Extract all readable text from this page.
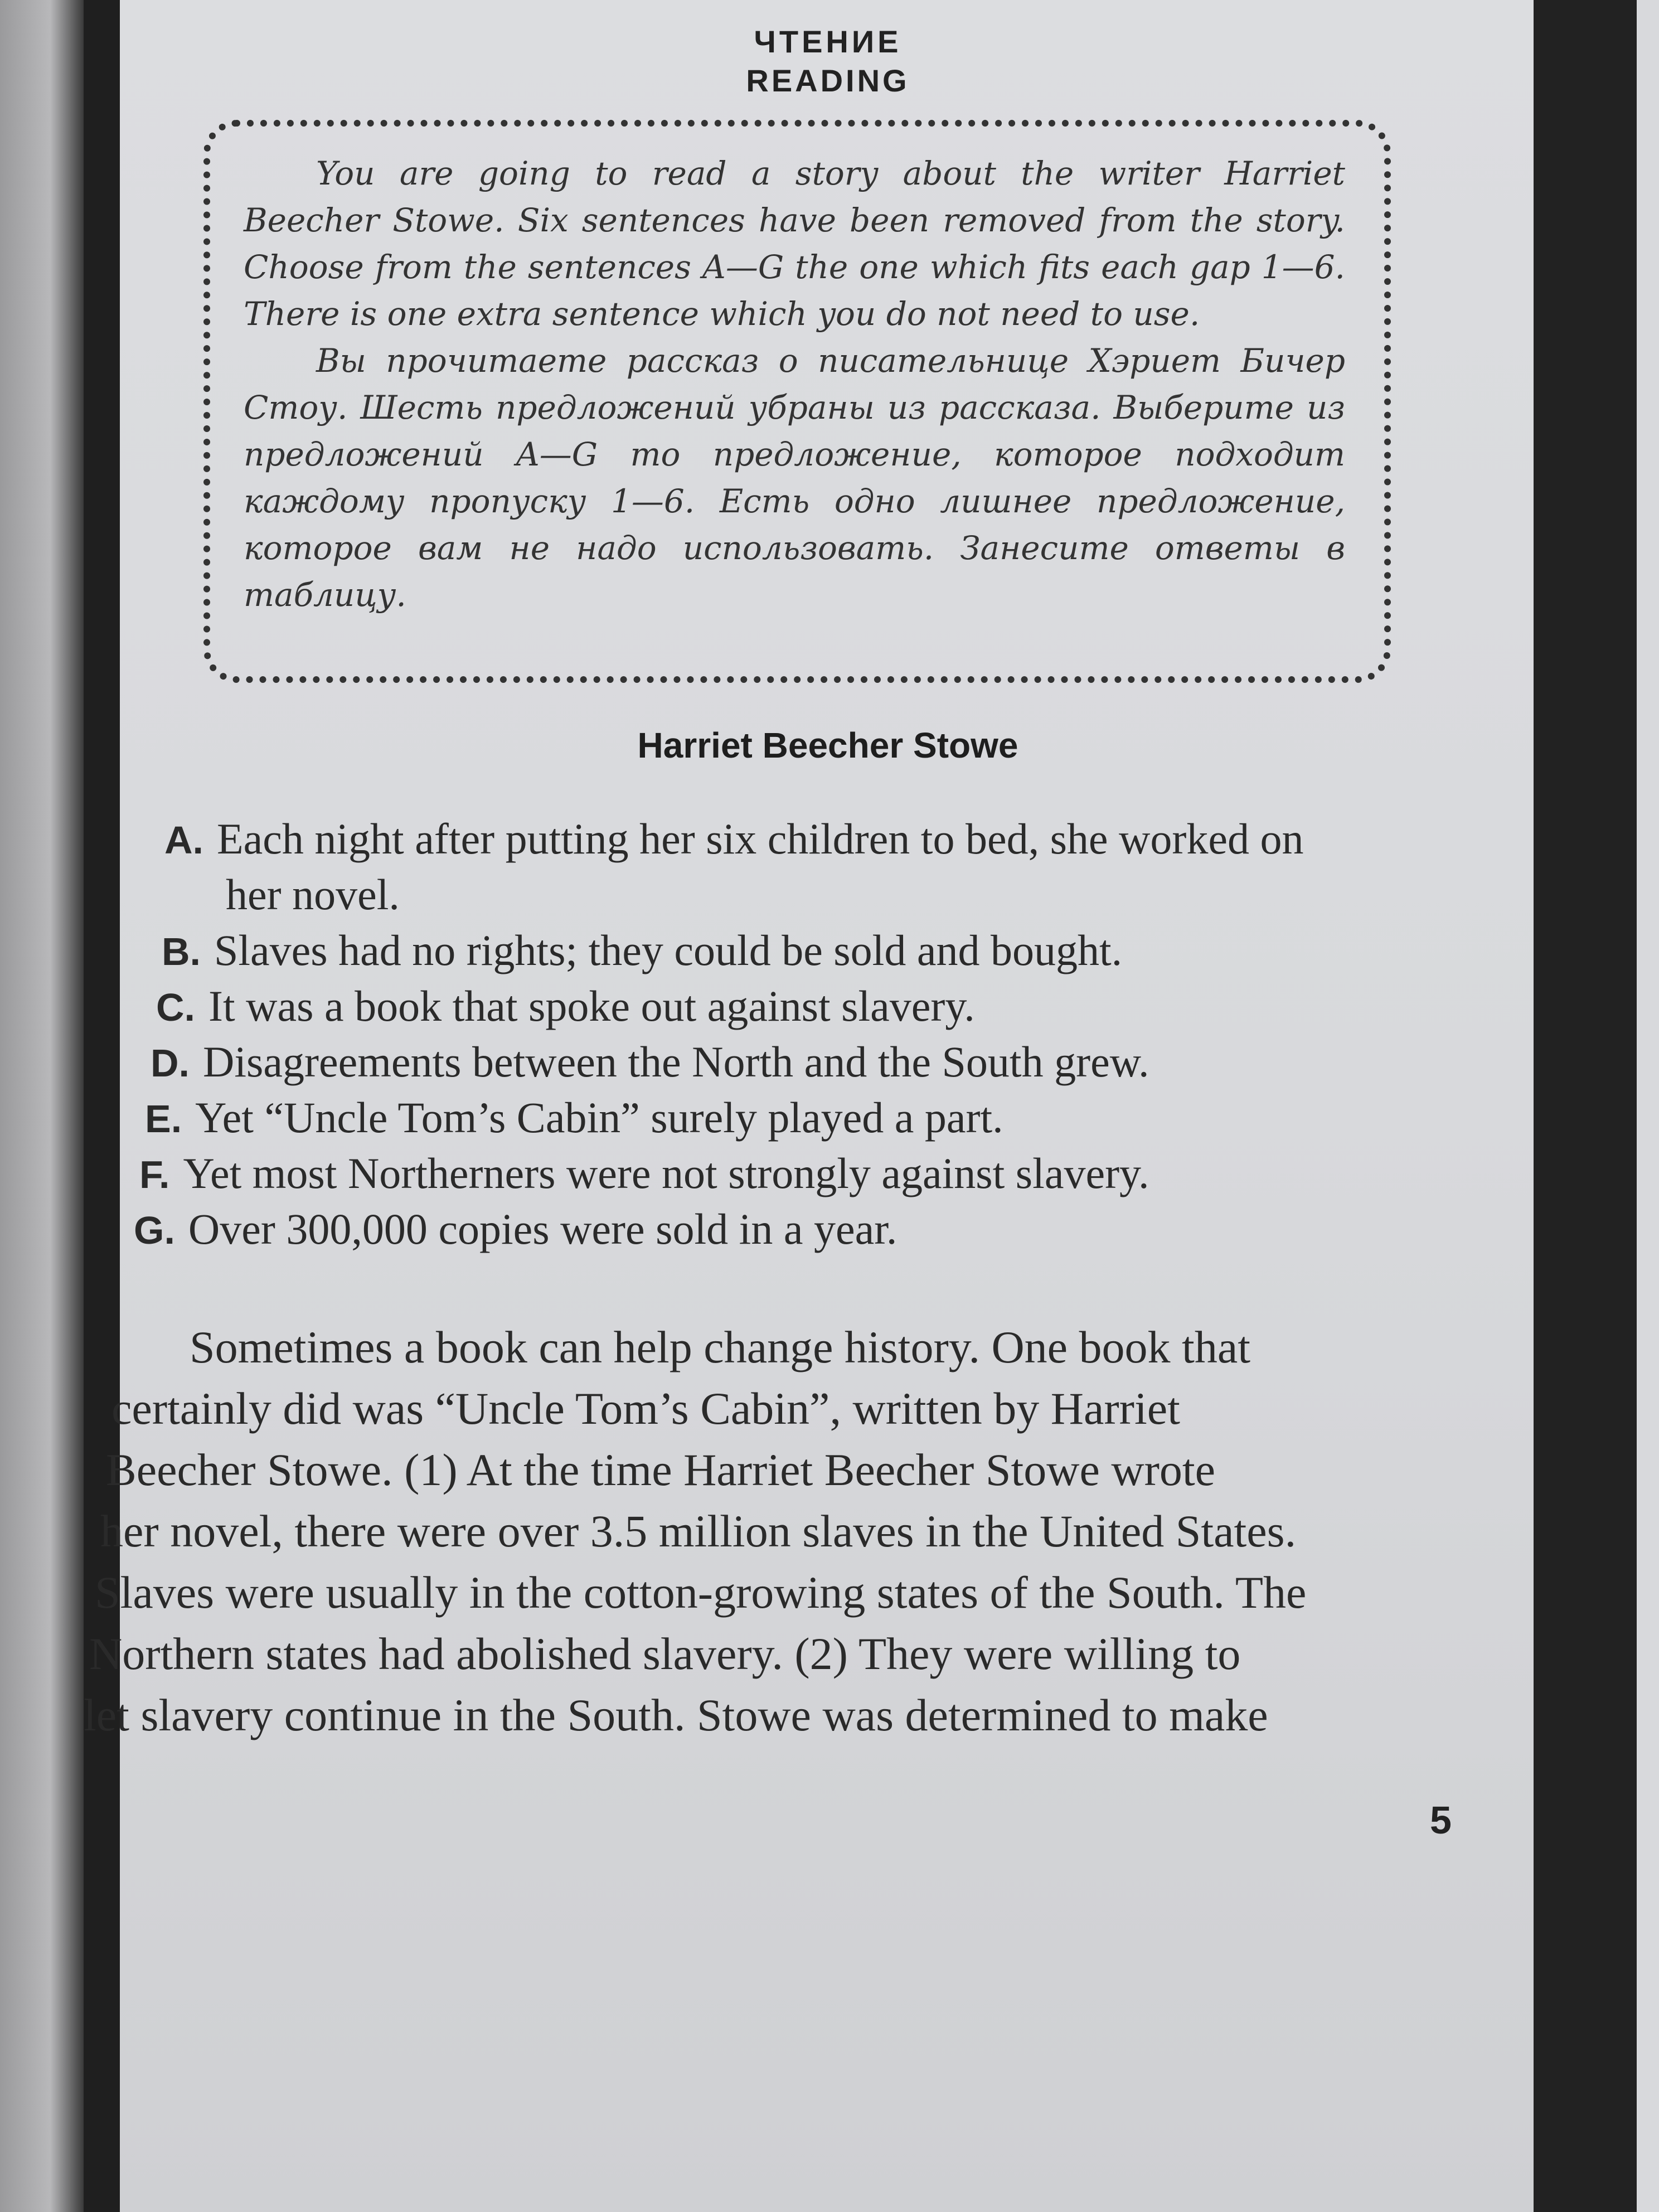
ЧТЕНИЕ
READING

You are going to read a story about the writer Harriet Beecher Stowe. Six sentences have been removed from the story. Choose from the sentences A—G the one which fits each gap 1—6. There is one extra sentence which you do not need to use.

Вы прочитаете рассказ о писательнице Хэриет Бичер Стоу. Шесть предложений убраны из рассказа. Выберите из предложений A—G то предложение, которое подходит каждому пропуску 1—6. Есть одно лишнее предложение, которое вам не надо использовать. Занесите ответы в таблицу.

Harriet Beecher Stowe
A. Each night after putting her six children to bed, she worked on
her novel.
B. Slaves had no rights; they could be sold and bought.
C. It was a book that spoke out against slavery.
D. Disagreements between the North and the South grew.
E. Yet “Uncle Tom’s Cabin” surely played a part.
F. Yet most Northerners were not strongly against slavery.
G. Over 300,000 copies were sold in a year.
Sometimes a book can help change history. One book that
certainly did was “Uncle Tom’s Cabin”, written by Harriet
Beecher Stowe. (1) At the time Harriet Beecher Stowe wrote
her novel, there were over 3.5 million slaves in the United States.
Slaves were usually in the cotton-growing states of the South. The
Northern states had abolished slavery. (2) They were willing to
let slavery continue in the South. Stowe was determined to make
5
